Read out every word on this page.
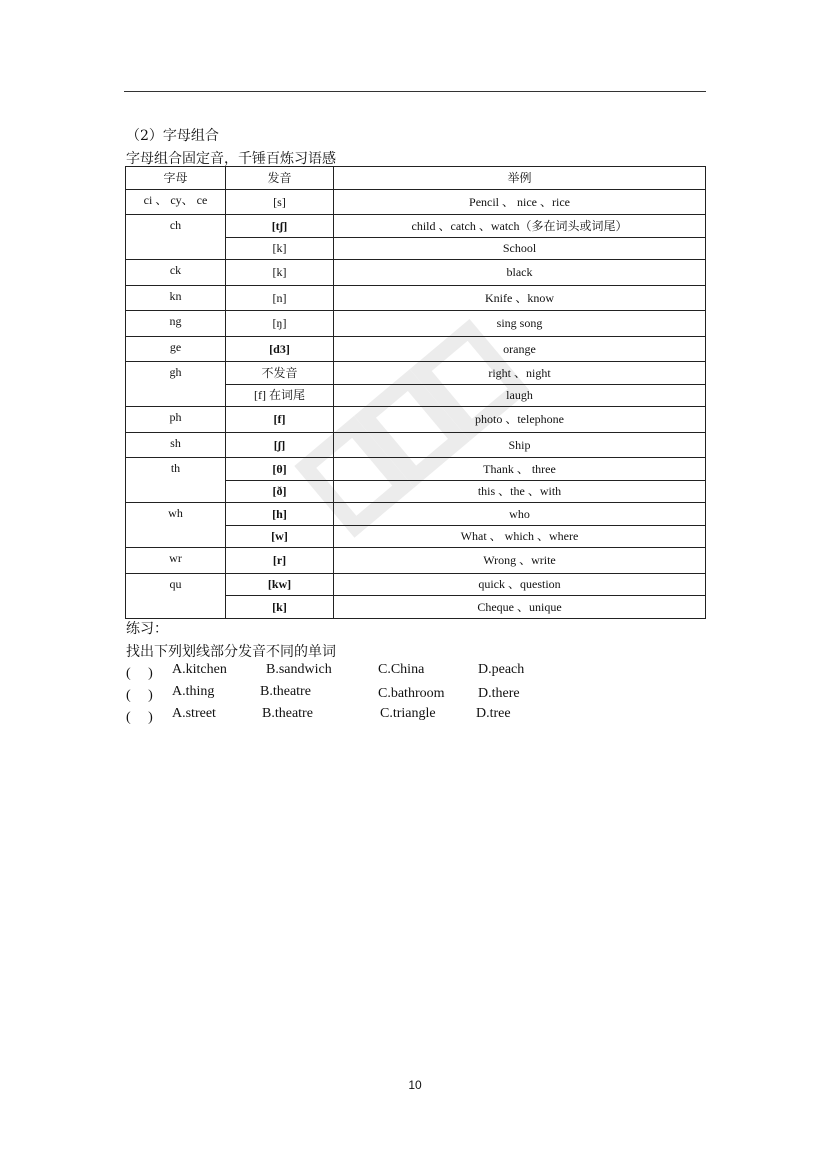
（2）字母组合
字母组合固定音，千锤百炼习语感
字母	发音	举例
ci 、 cy、 ce	[s]	Pencil 、 nice 、rice
ch	[tʃ]	child 、catch 、watch（多在词头或词尾）
	[k]	School
ck	[k]	black
kn	[n]	Knife 、know
ng	[ŋ]	sing song
ge	[d3]	orange
gh	不发音	right 、night
	[f] 在词尾	laugh
ph	[f]	photo 、telephone
sh	[ʃ]	Ship
th	[θ]	Thank 、 three
	[ð]	this 、the 、with
wh	[h]	who
	[w]	What 、 which 、where
wr	[r]	Wrong 、write
qu	[kw]	quick 、question
	[k]	Cheque 、unique
练习：
找出下列划线部分发音不同的单词
(　 ) A.kitchen	B.sandwich	C.China	D.peach
(　 ) A.thing	B.theatre	C.bathroom D.there
(　 ) A.street	B.theatre	C.triangle	D.tree
10
